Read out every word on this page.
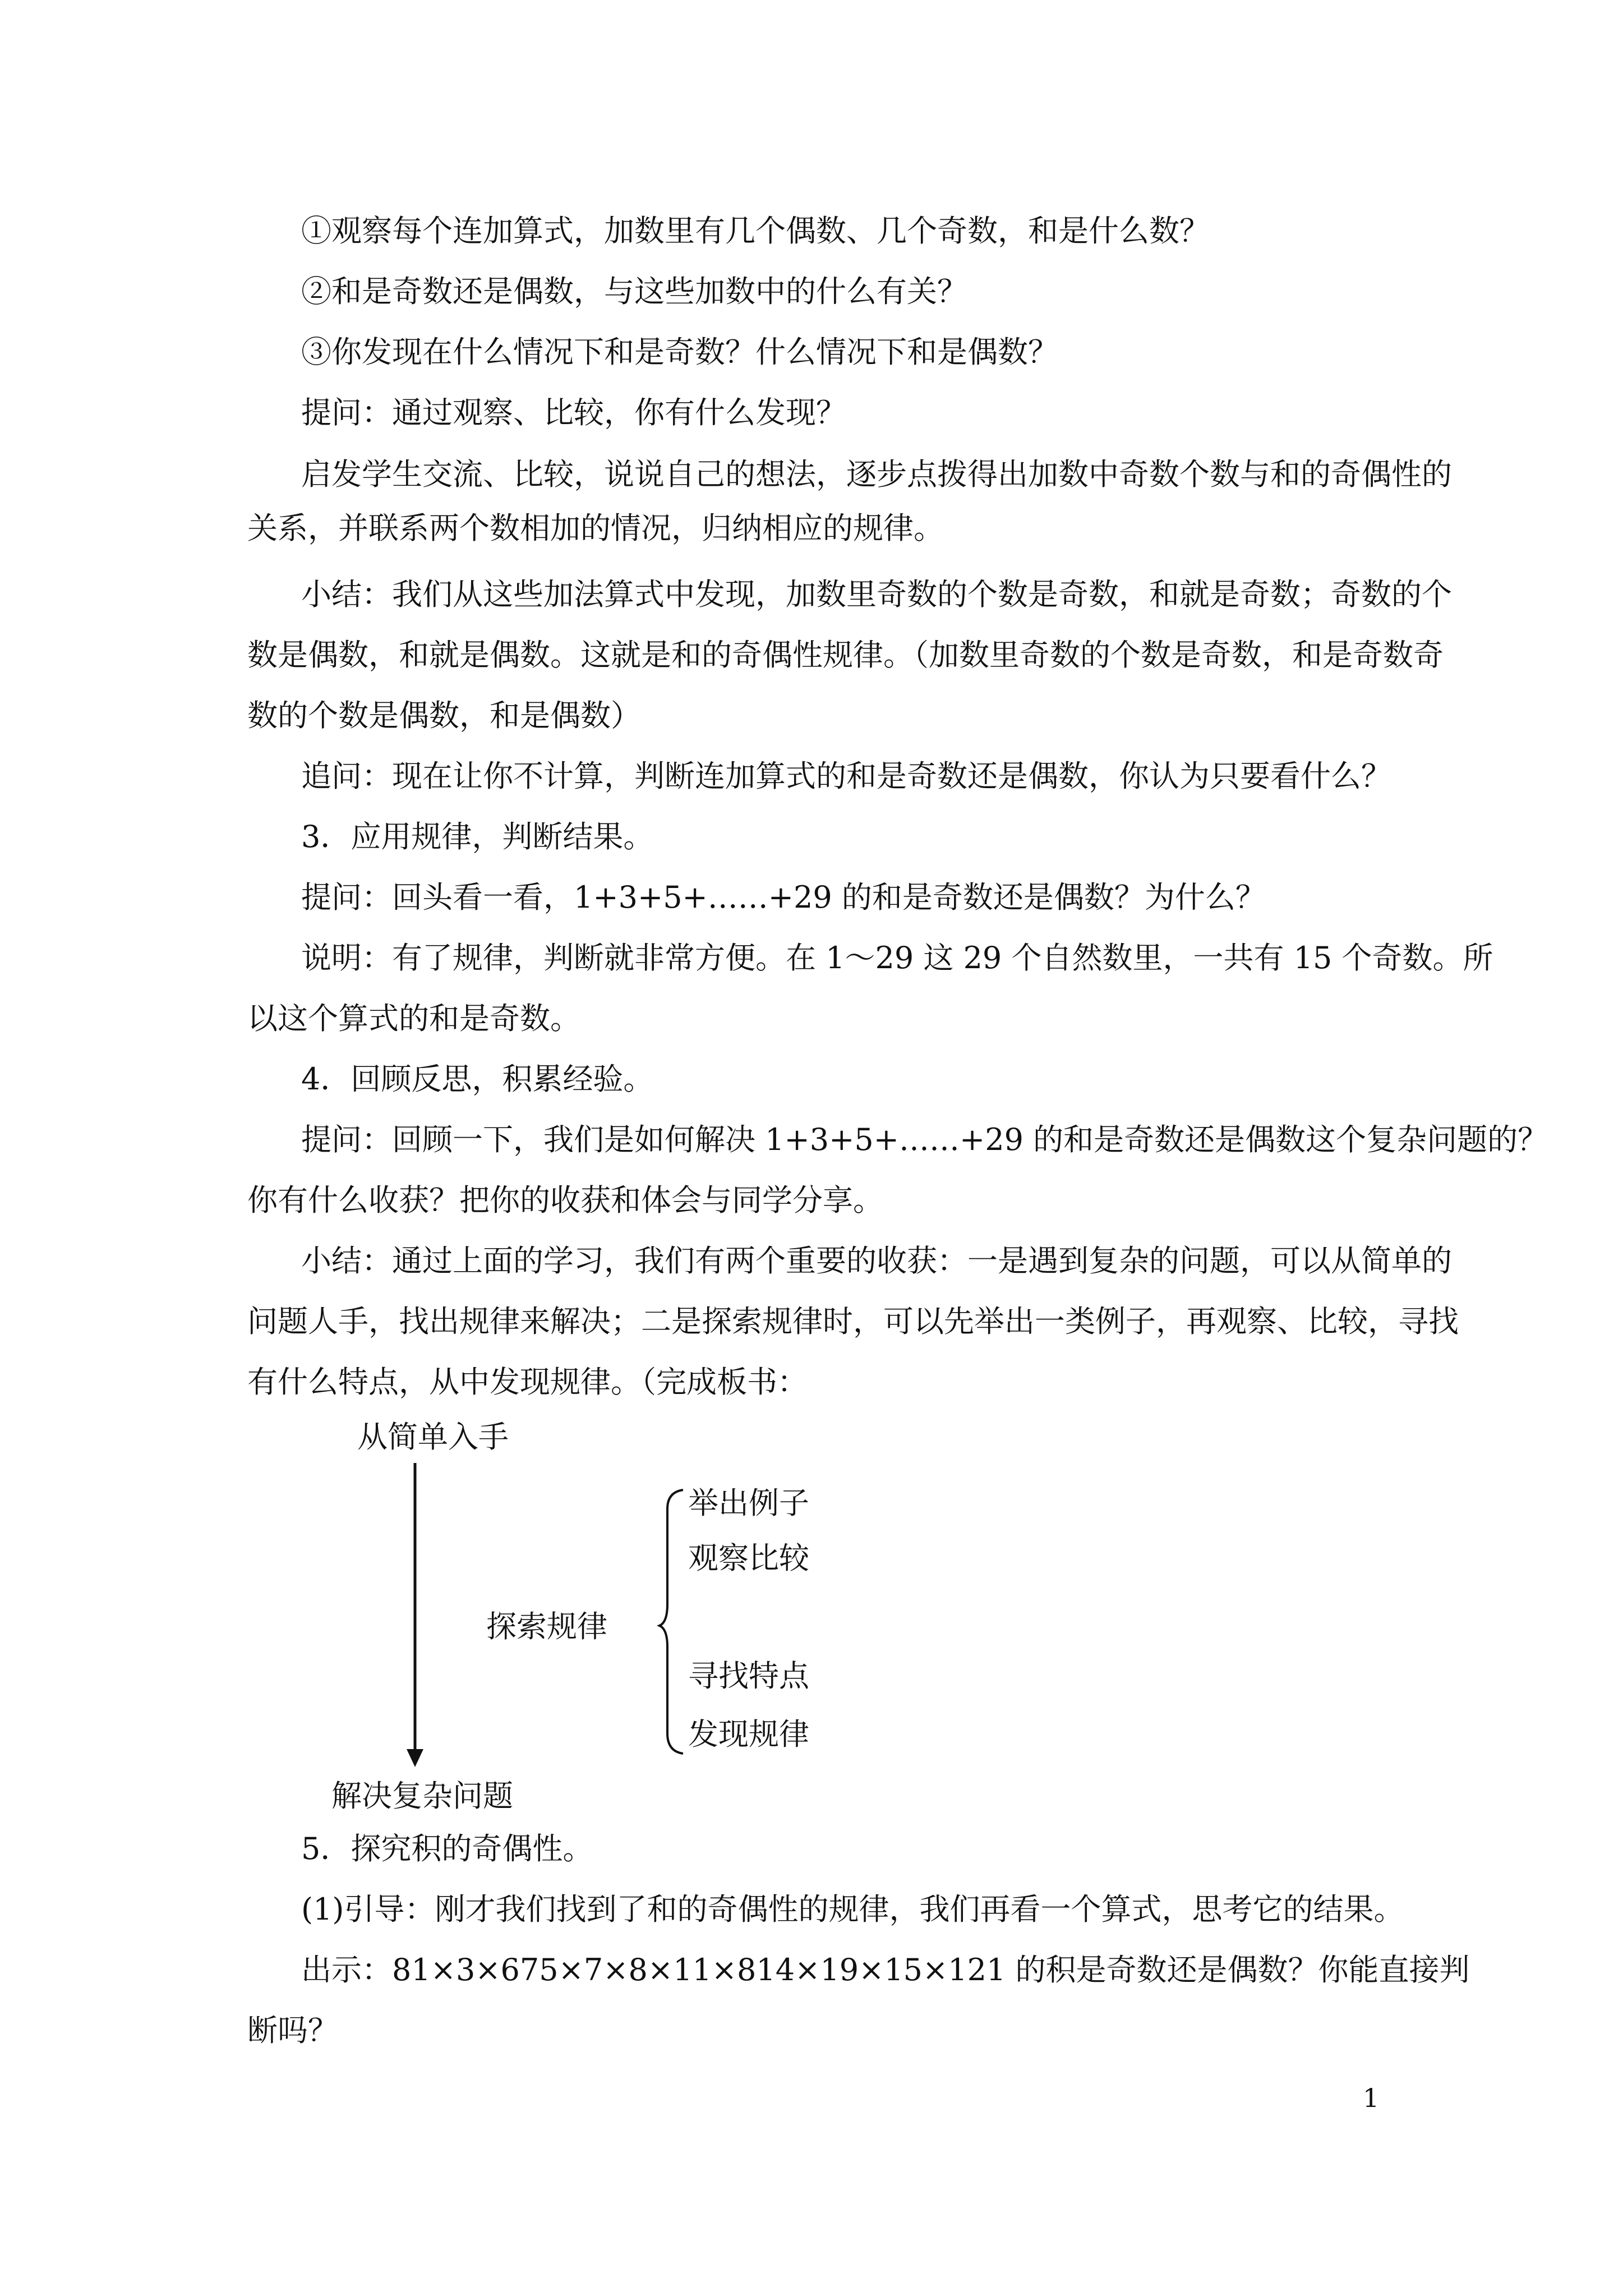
①观察每个连加算式，加数里有几个偶数、几个奇数，和是什么数？
②和是奇数还是偶数，与这些加数中的什么有关？
③你发现在什么情况下和是奇数？什么情况下和是偶数？
提问：通过观察、比较，你有什么发现？
启发学生交流、比较，说说自己的想法，逐步点拨得出加数中奇数个数与和的奇偶性的
关系，并联系两个数相加的情况，归纳相应的规律。
小结：我们从这些加法算式中发现，加数里奇数的个数是奇数，和就是奇数；奇数的个
数是偶数，和就是偶数。这就是和的奇偶性规律。（加数里奇数的个数是奇数，和是奇数奇
数的个数是偶数，和是偶数）
追问：现在让你不计算，判断连加算式的和是奇数还是偶数，你认为只要看什么？
3．应用规律，判断结果。
提问：回头看一看，1+3+5+……+29 的和是奇数还是偶数？为什么？
说明：有了规律，判断就非常方便。在 1～29 这 29 个自然数里，一共有 15 个奇数。所
以这个算式的和是奇数。
4．回顾反思，积累经验。
提问：回顾一下，我们是如何解决 1+3+5+……+29 的和是奇数还是偶数这个复杂问题的？
你有什么收获？把你的收获和体会与同学分享。
小结：通过上面的学习，我们有两个重要的收获：一是遇到复杂的问题，可以从简单的
问题人手，找出规律来解决；二是探索规律时，可以先举出一类例子，再观察、比较，寻找
有什么特点，从中发现规律。（完成板书：
从简单入手
探索规律
举出例子
观察比较
寻找特点
发现规律
解决复杂问题
5．探究积的奇偶性。
(1)引导：刚才我们找到了和的奇偶性的规律，我们再看一个算式，思考它的结果。
出示：81×3×675×7×8×11×814×19×15×121 的积是奇数还是偶数？你能直接判
断吗？
1
